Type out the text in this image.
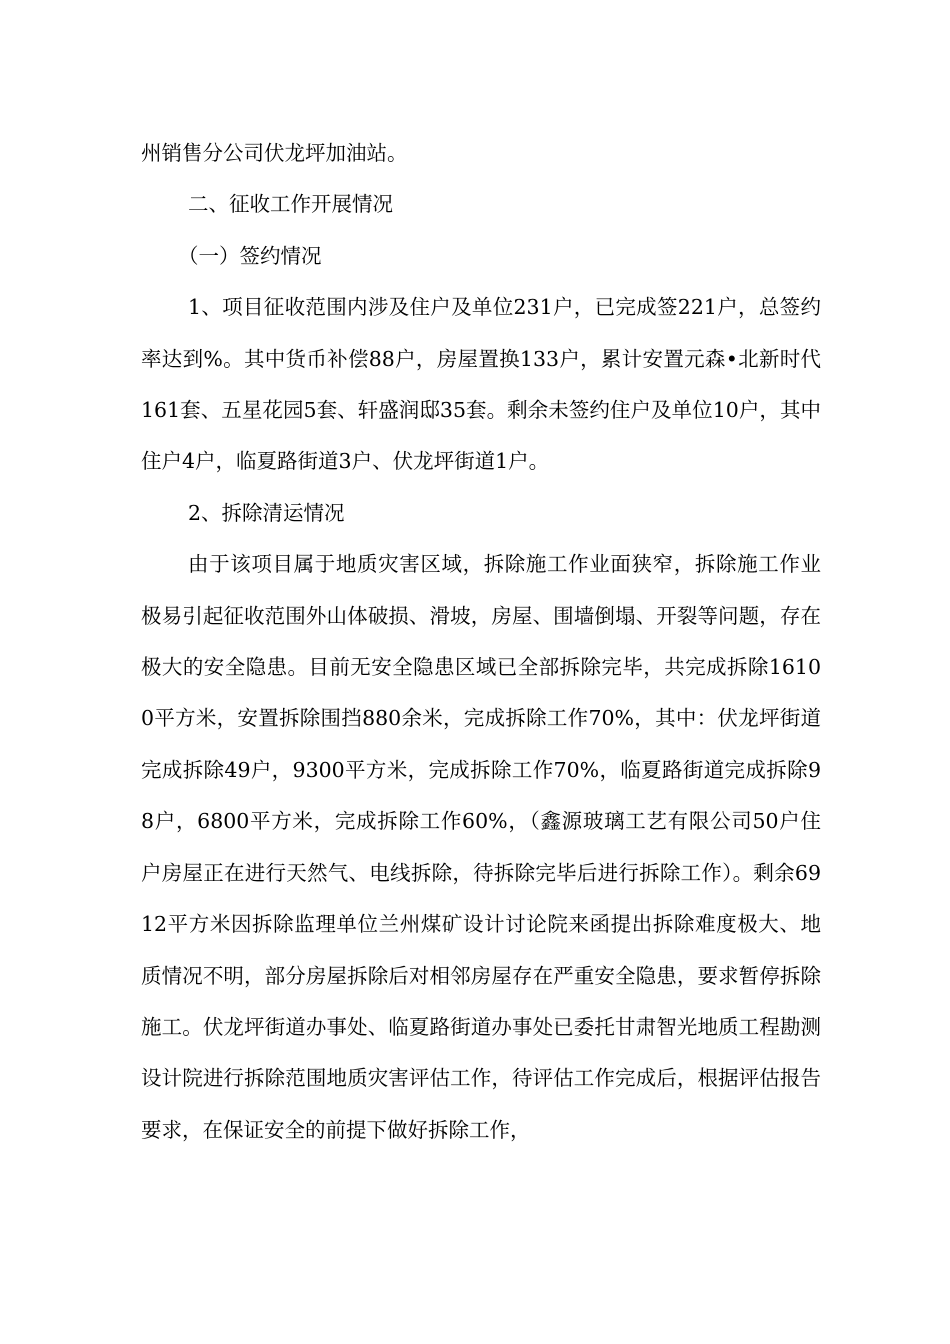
州销售分公司伏龙坪加油站。

二、征收工作开展情况

（一）签约情况

1、项目征收范围内涉及住户及单位231户，已完成签221户，总签约率达到%。其中货币补偿88户，房屋置换133户，累计安置元森•北新时代161套、五星花园5套、轩盛润邸35套。剩余未签约住户及单位10户，其中住户4户，临夏路街道3户、伏龙坪街道1户。

2、拆除清运情况

由于该项目属于地质灾害区域，拆除施工作业面狭窄，拆除施工作业极易引起征收范围外山体破损、滑坡，房屋、围墙倒塌、开裂等问题，存在极大的安全隐患。目前无安全隐患区域已全部拆除完毕，共完成拆除16100平方米，安置拆除围挡880余米，完成拆除工作70%，其中：伏龙坪街道完成拆除49户，9300平方米，完成拆除工作70%，临夏路街道完成拆除98户，6800平方米，完成拆除工作60%，（鑫源玻璃工艺有限公司50户住户房屋正在进行天然气、电线拆除，待拆除完毕后进行拆除工作）。剩余6912平方米因拆除监理单位兰州煤矿设计讨论院来函提出拆除难度极大、地质情况不明，部分房屋拆除后对相邻房屋存在严重安全隐患，要求暂停拆除施工。伏龙坪街道办事处、临夏路街道办事处已委托甘肃智光地质工程勘测设计院进行拆除范围地质灾害评估工作，待评估工作完成后，根据评估报告要求，在保证安全的前提下做好拆除工作，
